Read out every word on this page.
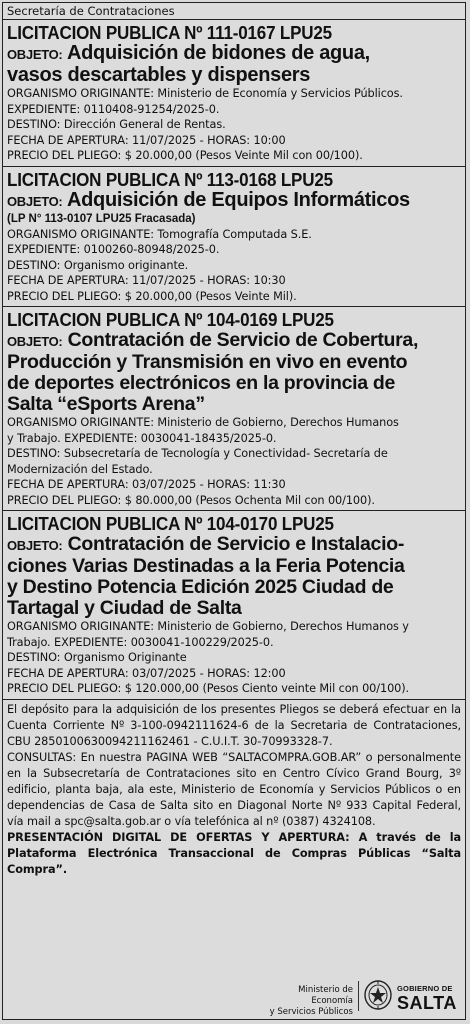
Secretaría de Contrataciones
LICITACION PUBLICA Nº 111-0167 LPU25
OBJETO: Adquisición de bidones de agua,
vasos descartables y dispensers
ORGANISMO ORIGINANTE: Ministerio de Economía y Servicios Públicos.
EXPEDIENTE: 0110408-91254/2025-0.
DESTINO: Dirección General de Rentas.
FECHA DE APERTURA: 11/07/2025 - HORAS: 10:00
PRECIO DEL PLIEGO: $ 20.000,00 (Pesos Veinte Mil con 00/100).
LICITACION PUBLICA Nº 113-0168 LPU25
OBJETO: Adquisición de Equipos Informáticos
(LP N° 113-0107 LPU25 Fracasada)
ORGANISMO ORIGINANTE: Tomografía Computada S.E.
EXPEDIENTE: 0100260-80948/2025-0.
DESTINO: Organismo originante.
FECHA DE APERTURA: 11/07/2025 - HORAS: 10:30
PRECIO DEL PLIEGO: $ 20.000,00 (Pesos Veinte Mil).
LICITACION PUBLICA Nº 104-0169 LPU25
OBJETO: Contratación de Servicio de Cobertura,
Producción y Transmisión en vivo en evento
de deportes electrónicos en la provincia de
Salta “eSports Arena”
ORGANISMO ORIGINANTE: Ministerio de Gobierno, Derechos Humanos
y Trabajo. EXPEDIENTE: 0030041-18435/2025-0.
DESTINO: Subsecretaría de Tecnología y Conectividad- Secretaría de
Modernización del Estado.
FECHA DE APERTURA: 03/07/2025 - HORAS: 11:30
PRECIO DEL PLIEGO: $ 80.000,00 (Pesos Ochenta Mil con 00/100).
LICITACION PUBLICA Nº 104-0170 LPU25
OBJETO: Contratación de Servicio e Instalacio-
ciones Varias Destinadas a la Feria Potencia
y Destino Potencia Edición 2025 Ciudad de
Tartagal y Ciudad de Salta
ORGANISMO ORIGINANTE: Ministerio de Gobierno, Derechos Humanos y
Trabajo. EXPEDIENTE: 0030041-100229/2025-0.
DESTINO: Organismo Originante
FECHA DE APERTURA: 03/07/2025 - HORAS: 12:00
PRECIO DEL PLIEGO: $ 120.000,00 (Pesos Ciento veinte Mil con 00/100).
El depósito para la adquisición de los presentes Pliegos se deberá efectuar en la Cuenta Corriente Nº 3-100-0942111624-6 de la Secretaria de Contrataciones, CBU 2850100630094211162461 - C.U.I.T. 30-70993328-7.
CONSULTAS: En nuestra PAGINA WEB “SALTACOMPRA.GOB.AR” o personalmente en la Subsecretaría de Contrataciones sito en Centro Cívico Grand Bourg, 3º edificio, planta baja, ala este, Ministerio de Economía y Servicios Públicos o en dependencias de Casa de Salta sito en Diagonal Norte Nº 933 Capital Federal, vía mail a spc@salta.gob.ar o vía telefónica al nº (0387) 4324108.
PRESENTACIÓN DIGITAL DE OFERTAS Y APERTURA: A través de la Plataforma Electrónica Transaccional de Compras Públicas “Salta Compra”.
Ministerio de Economía
y Servicios Públicos
GOBIERNO DE
SALTA
